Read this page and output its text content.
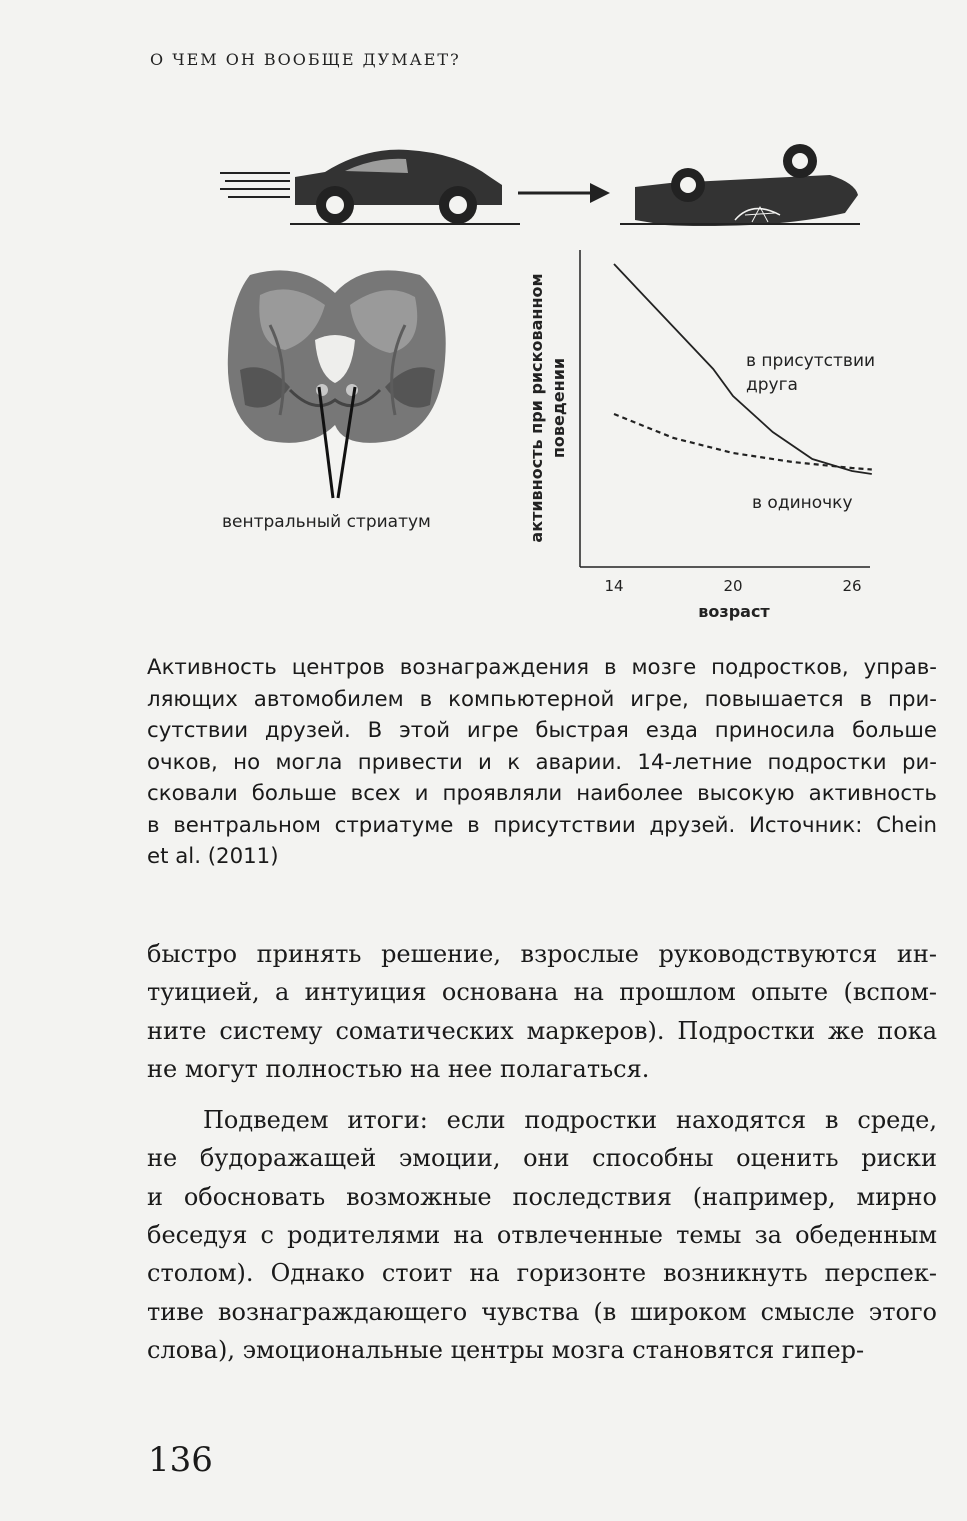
О ЧЕМ ОН ВООБЩЕ ДУМАЕТ?
вентральный стриатум	активность при рискованном поведении
возраст
в присутствии
друга
в одиночку
14	20	26
Активность центров вознаграждения в мозге подростков, управ-
ляющих автомобилем в компьютерной игре, повышается в при-
сутствии друзей. В этой игре быстрая езда приносила больше
очков, но могла привести и к аварии. 14-летние подростки ри-
сковали больше всех и проявляли наиболее высокую активность
в вентральном стриатуме в присутствии друзей. Источник: Chein
et al. (2011)
быстро принять решение, взрослые руководствуются ин-
туицией, а интуиция основана на прошлом опыте (вспом-
ните систему соматических маркеров). Подростки же пока
не могут полностью на нее полагаться.
Подведем итоги: если подростки находятся в среде,
не будоражащей эмоции, они способны оценить риски
и обосновать возможные последствия (например, мирно
беседуя с родителями на отвлеченные темы за обеденным
столом). Однако стоит на горизонте возникнуть перспек-
тиве вознаграждающего чувства (в широком смысле этого
слова), эмоциональные центры мозга становятся гипер-
136
